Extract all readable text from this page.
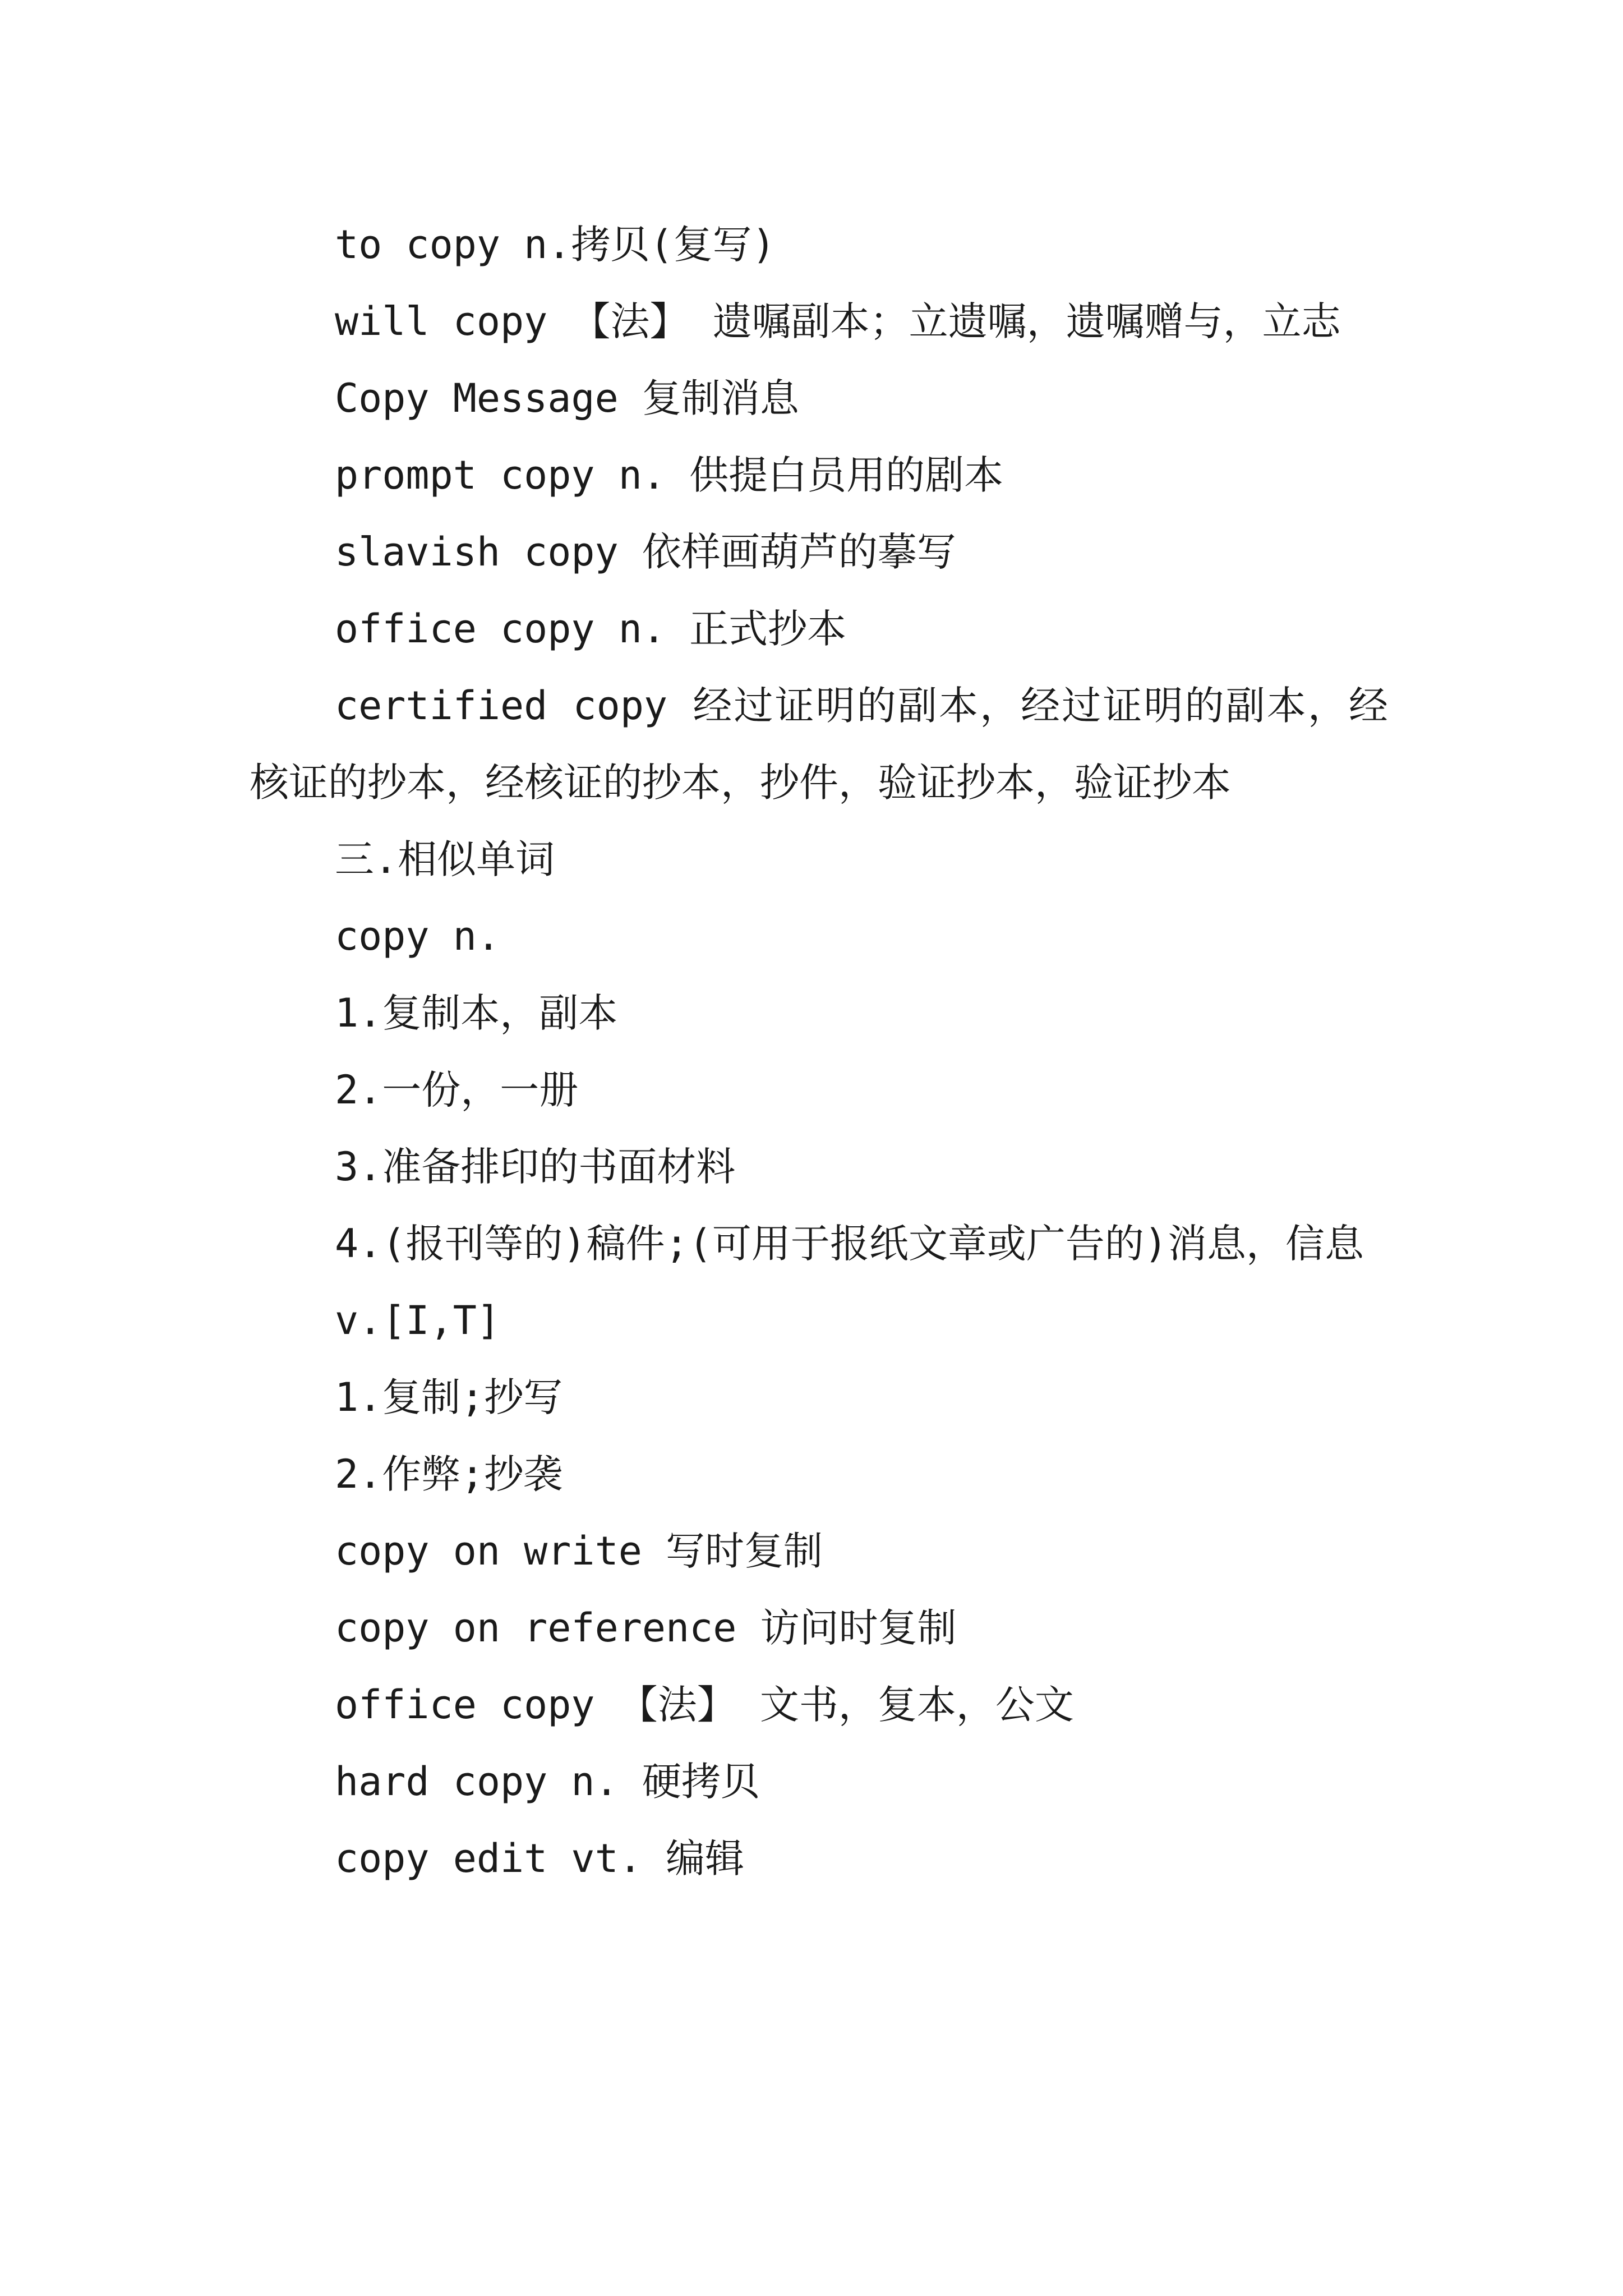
to copy n.拷贝(复写)

will copy 【法】 遗嘱副本；立遗嘱，遗嘱赠与，立志

Copy Message 复制消息

prompt copy n. 供提白员用的剧本

slavish copy 依样画葫芦的摹写

office copy n. 正式抄本

certified copy 经过证明的副本，经过证明的副本，经核证的抄本，经核证的抄本，抄件，验证抄本，验证抄本

三.相似单词

copy n.

1.复制本，副本

2.一份，一册

3.准备排印的书面材料

4.(报刊等的)稿件;(可用于报纸文章或广告的)消息，信息

v.[I,T]

1.复制;抄写

2.作弊;抄袭

copy on write 写时复制

copy on reference 访问时复制

office copy 【法】 文书，复本，公文

hard copy n. 硬拷贝

copy edit vt. 编辑
